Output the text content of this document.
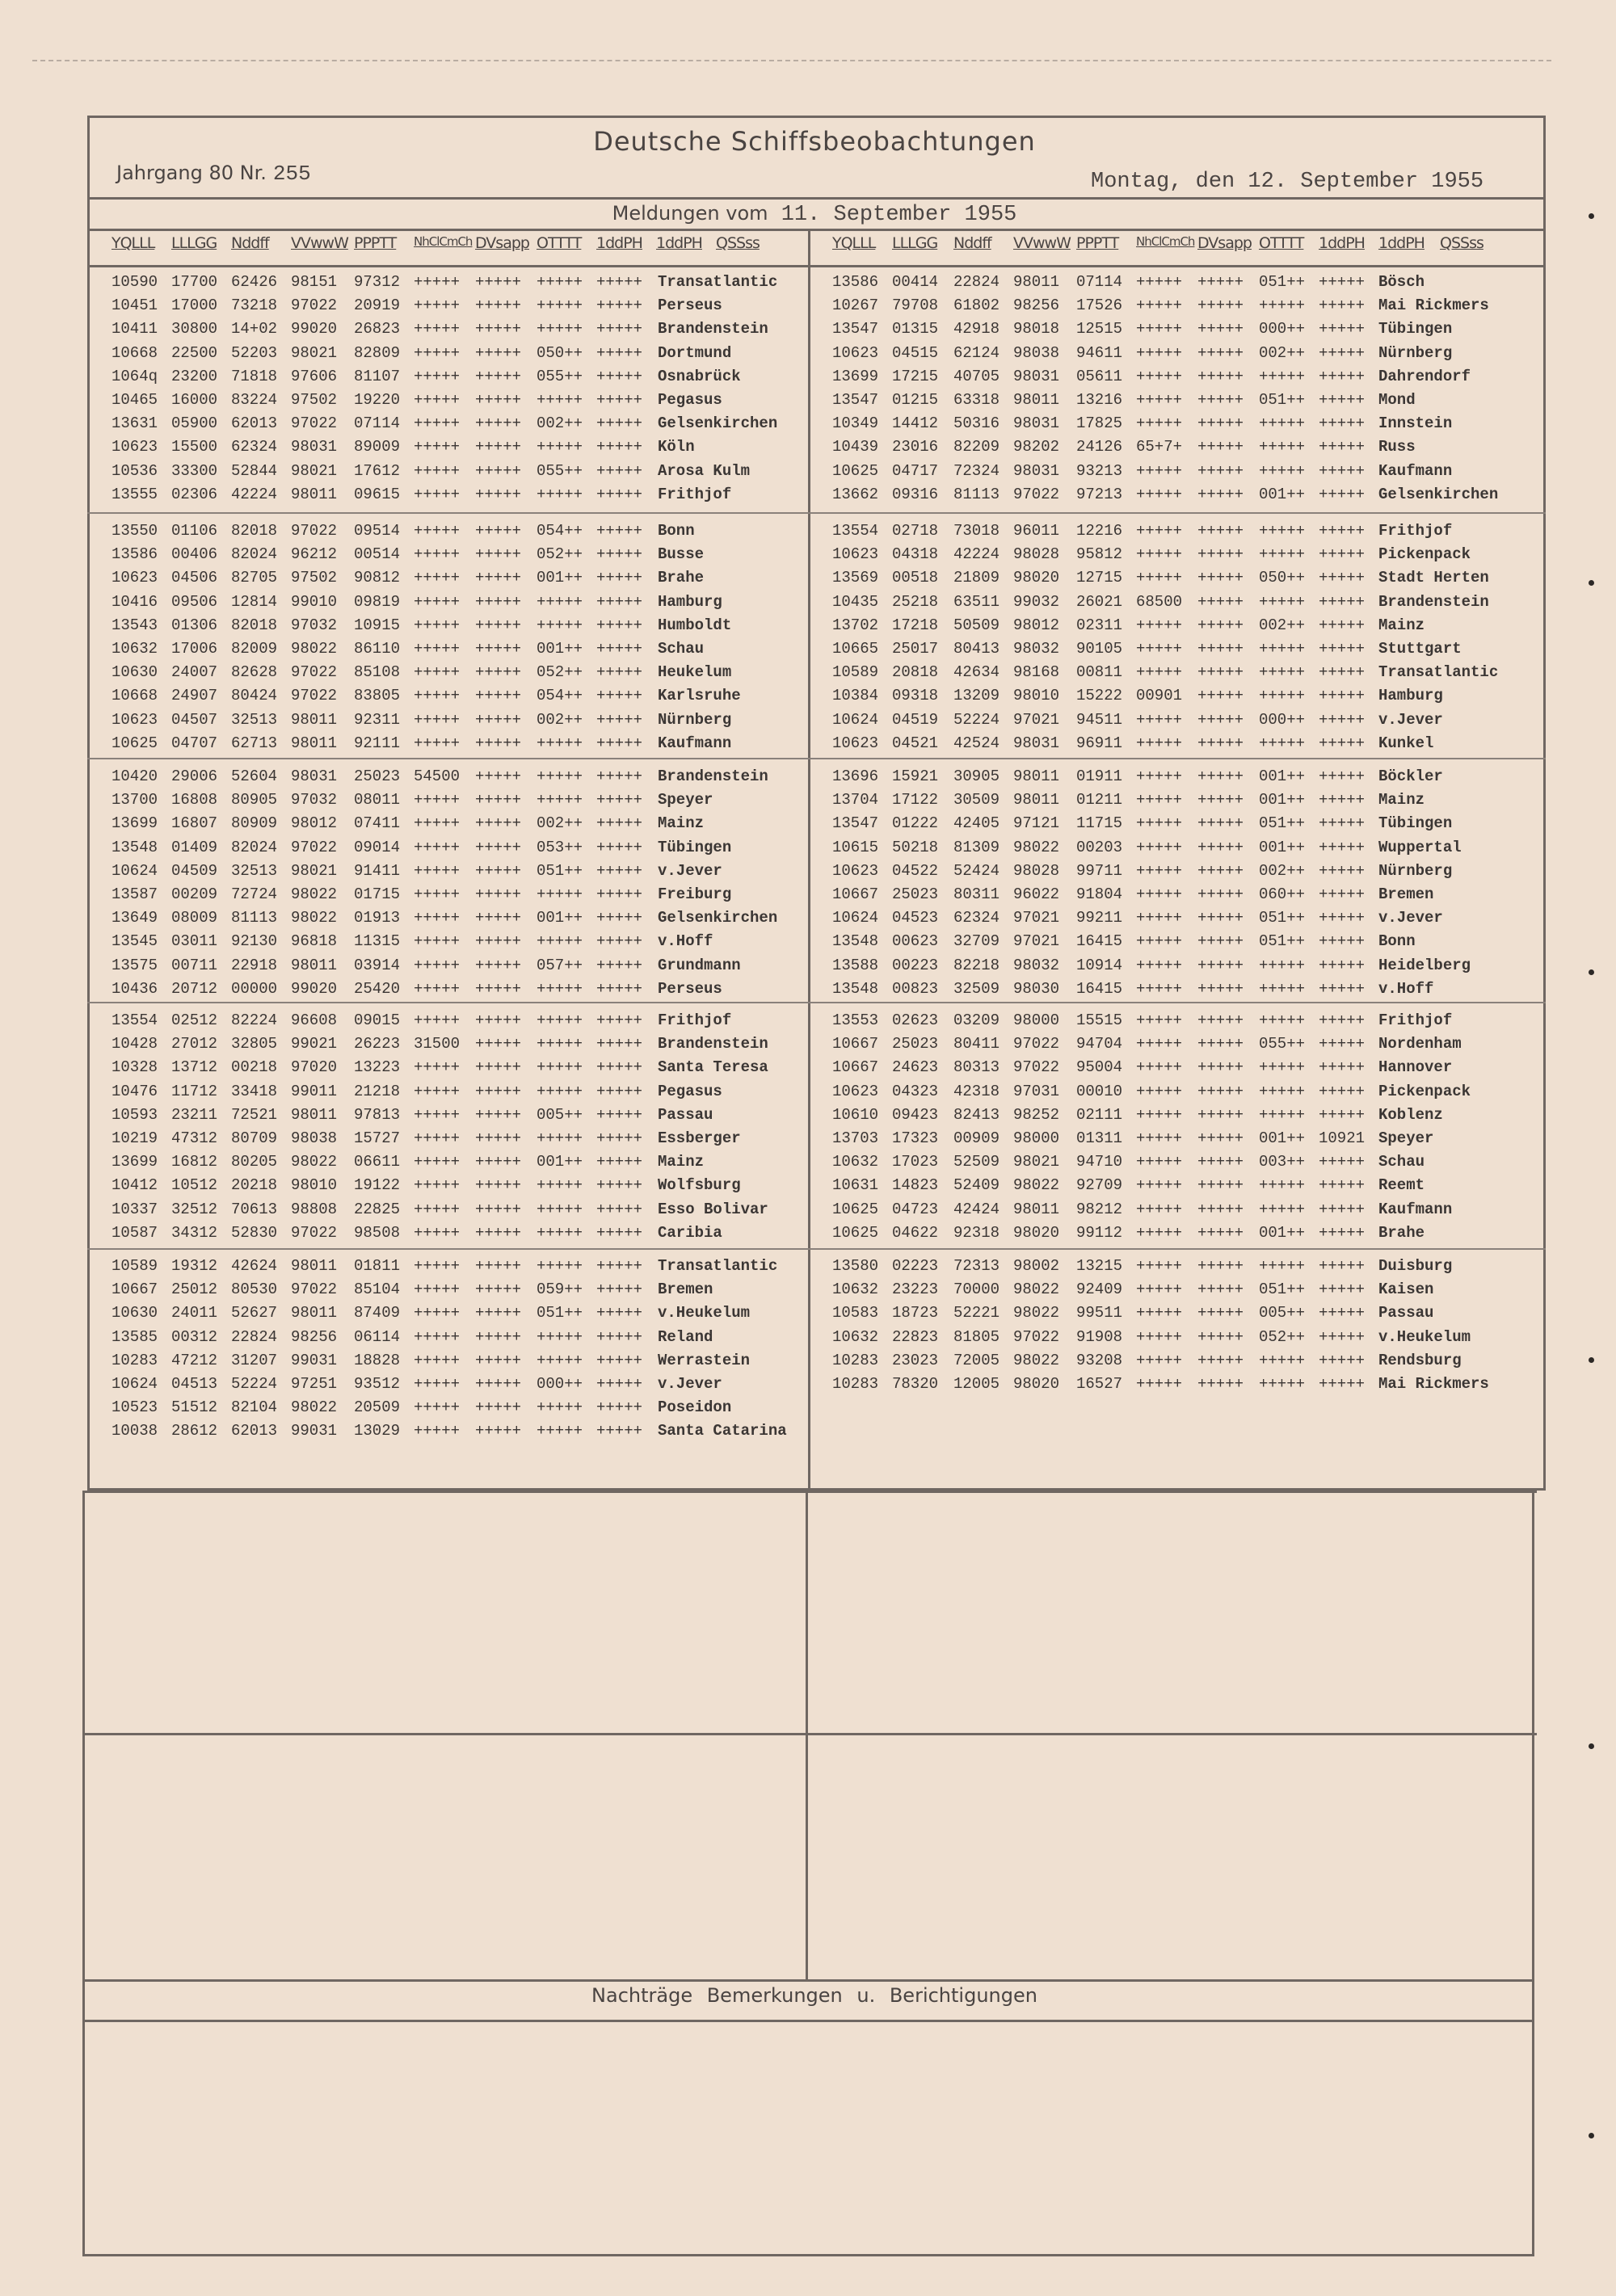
Deutsche Schiffsbeobachtungen
Jahrgang 80 Nr. 255	Montag, den 12. September 1955
Meldungen vom 11. September 1955
YQLLL LLLGG Nddff VVwwW PPPTT NhClCmCh DVsapp OTTTT 1ddPH 1ddPH QSSss	YQLLL LLLGG Nddff VVwwW PPPTT NhClCmCh DVsapp OTTTT 1ddPH 1ddPH QSSss
10590 17700 62426 98151 97312 +++++ +++++ +++++ +++++ Transatlantic
10451 17000 73218 97022 20919 +++++ +++++ +++++ +++++ Perseus
10411 30800 14+02 99020 26823 +++++ +++++ +++++ +++++ Brandenstein
10668 22500 52203 98021 82809 +++++ +++++ 050++ +++++ Dortmund
1064q 23200 71818 97606 81107 +++++ +++++ 055++ +++++ Osnabrück
10465 16000 83224 97502 19220 +++++ +++++ +++++ +++++ Pegasus
13631 05900 62013 97022 07114 +++++ +++++ 002++ +++++ Gelsenkirchen
10623 15500 62324 98031 89009 +++++ +++++ +++++ +++++ Köln
10536 33300 52844 98021 17612 +++++ +++++ 055++ +++++ Arosa Kulm
13555 02306 42224 98011 09615 +++++ +++++ +++++ +++++ Frithjof
13550 01106 82018 97022 09514 +++++ +++++ 054++ +++++ Bonn
13586 00406 82024 96212 00514 +++++ +++++ 052++ +++++ Busse
10623 04506 82705 97502 90812 +++++ +++++ 001++ +++++ Brahe
10416 09506 12814 99010 09819 +++++ +++++ +++++ +++++ Hamburg
13543 01306 82018 97032 10915 +++++ +++++ +++++ +++++ Humboldt
10632 17006 82009 98022 86110 +++++ +++++ 001++ +++++ Schau
10630 24007 82628 97022 85108 +++++ +++++ 052++ +++++ Heukelum
10668 24907 80424 97022 83805 +++++ +++++ 054++ +++++ Karlsruhe
10623 04507 32513 98011 92311 +++++ +++++ 002++ +++++ Nürnberg
10625 04707 62713 98011 92111 +++++ +++++ +++++ +++++ Kaufmann
10420 29006 52604 98031 25023 54500 +++++ +++++ +++++ Brandenstein
13700 16808 80905 97032 08011 +++++ +++++ +++++ +++++ Speyer
13699 16807 80909 98012 07411 +++++ +++++ 002++ +++++ Mainz
13548 01409 82024 97022 09014 +++++ +++++ 053++ +++++ Tübingen
10624 04509 32513 98021 91411 +++++ +++++ 051++ +++++ v.Jever
13587 00209 72724 98022 01715 +++++ +++++ +++++ +++++ Freiburg
13649 08009 81113 98022 01913 +++++ +++++ 001++ +++++ Gelsenkirchen
13545 03011 92130 96818 11315 +++++ +++++ +++++ +++++ v.Hoff
13575 00711 22918 98011 03914 +++++ +++++ 057++ +++++ Grundmann
10436 20712 00000 99020 25420 +++++ +++++ +++++ +++++ Perseus
13554 02512 82224 96608 09015 +++++ +++++ +++++ +++++ Frithjof
10428 27012 32805 99021 26223 31500 +++++ +++++ +++++ Brandenstein
10328 13712 00218 97020 13223 +++++ +++++ +++++ +++++ Santa Teresa
10476 11712 33418 99011 21218 +++++ +++++ +++++ +++++ Pegasus
10593 23211 72521 98011 97813 +++++ +++++ 005++ +++++ Passau
10219 47312 80709 98038 15727 +++++ +++++ +++++ +++++ Essberger
13699 16812 80205 98022 06611 +++++ +++++ 001++ +++++ Mainz
10412 10512 20218 98010 19122 +++++ +++++ +++++ +++++ Wolfsburg
10337 32512 70613 98808 22825 +++++ +++++ +++++ +++++ Esso Bolivar
10587 34312 52830 97022 98508 +++++ +++++ +++++ +++++ Caribia
10589 19312 42624 98011 01811 +++++ +++++ +++++ +++++ Transatlantic
10667 25012 80530 97022 85104 +++++ +++++ 059++ +++++ Bremen
10630 24011 52627 98011 87409 +++++ +++++ 051++ +++++ v.Heukelum
13585 00312 22824 98256 06114 +++++ +++++ +++++ +++++ Reland
10283 47212 31207 99031 18828 +++++ +++++ +++++ +++++ Werrastein
10624 04513 52224 97251 93512 +++++ +++++ 000++ +++++ v.Jever
10523 51512 82104 98022 20509 +++++ +++++ +++++ +++++ Poseidon
10038 28612 62013 99031 13029 +++++ +++++ +++++ +++++ Santa Catarina
13586 00414 22824 98011 07114 +++++ +++++ 051++ +++++ Bösch
10267 79708 61802 98256 17526 +++++ +++++ +++++ +++++ Mai Rickmers
13547 01315 42918 98018 12515 +++++ +++++ 000++ +++++ Tübingen
10623 04515 62124 98038 94611 +++++ +++++ 002++ +++++ Nürnberg
13699 17215 40705 98031 05611 +++++ +++++ +++++ +++++ Dahrendorf
13547 01215 63318 98011 13216 +++++ +++++ 051++ +++++ Mond
10349 14412 50316 98031 17825 +++++ +++++ +++++ +++++ Innstein
10439 23016 82209 98202 24126 65+7+ +++++ +++++ +++++ Russ
10625 04717 72324 98031 93213 +++++ +++++ +++++ +++++ Kaufmann
13662 09316 81113 97022 97213 +++++ +++++ 001++ +++++ Gelsenkirchen
13554 02718 73018 96011 12216 +++++ +++++ +++++ +++++ Frithjof
10623 04318 42224 98028 95812 +++++ +++++ +++++ +++++ Pickenpack
13569 00518 21809 98020 12715 +++++ +++++ 050++ +++++ Stadt Herten
10435 25218 63511 99032 26021 68500 +++++ +++++ +++++ Brandenstein
13702 17218 50509 98012 02311 +++++ +++++ 002++ +++++ Mainz
10665 25017 80413 98032 90105 +++++ +++++ +++++ +++++ Stuttgart
10589 20818 42634 98168 00811 +++++ +++++ +++++ +++++ Transatlantic
10384 09318 13209 98010 15222 00901 +++++ +++++ +++++ Hamburg
10624 04519 52224 97021 94511 +++++ +++++ 000++ +++++ v.Jever
10623 04521 42524 98031 96911 +++++ +++++ +++++ +++++ Kunkel
13696 15921 30905 98011 01911 +++++ +++++ 001++ +++++ Böckler
13704 17122 30509 98011 01211 +++++ +++++ 001++ +++++ Mainz
13547 01222 42405 97121 11715 +++++ +++++ 051++ +++++ Tübingen
10615 50218 81309 98022 00203 +++++ +++++ 001++ +++++ Wuppertal
10623 04522 52424 98028 99711 +++++ +++++ 002++ +++++ Nürnberg
10667 25023 80311 96022 91804 +++++ +++++ 060++ +++++ Bremen
10624 04523 62324 97021 99211 +++++ +++++ 051++ +++++ v.Jever
13548 00623 32709 97021 16415 +++++ +++++ 051++ +++++ Bonn
13588 00223 82218 98032 10914 +++++ +++++ +++++ +++++ Heidelberg
13548 00823 32509 98030 16415 +++++ +++++ +++++ +++++ v.Hoff
13553 02623 03209 98000 15515 +++++ +++++ +++++ +++++ Frithjof
10667 25023 80411 97022 94704 +++++ +++++ 055++ +++++ Nordenham
10667 24623 80313 97022 95004 +++++ +++++ +++++ +++++ Hannover
10623 04323 42318 97031 00010 +++++ +++++ +++++ +++++ Pickenpack
10610 09423 82413 98252 02111 +++++ +++++ +++++ +++++ Koblenz
13703 17323 00909 98000 01311 +++++ +++++ 001++ 10921 Speyer
10632 17023 52509 98021 94710 +++++ +++++ 003++ +++++ Schau
10631 14823 52409 98022 92709 +++++ +++++ +++++ +++++ Reemt
10625 04723 42424 98011 98212 +++++ +++++ +++++ +++++ Kaufmann
10625 04622 92318 98020 99112 +++++ +++++ 001++ +++++ Brahe
13580 02223 72313 98002 13215 +++++ +++++ +++++ +++++ Duisburg
10632 23223 70000 98022 92409 +++++ +++++ 051++ +++++ Kaisen
10583 18723 52221 98022 99511 +++++ +++++ 005++ +++++ Passau
10632 22823 81805 97022 91908 +++++ +++++ 052++ +++++ v.Heukelum
10283 23023 72005 98022 93208 +++++ +++++ +++++ +++++ Rendsburg
10283 78320 12005 98020 16527 +++++ +++++ +++++ +++++ Mai Rickmers
Nachträge Bemerkungen u. Berichtigungen
